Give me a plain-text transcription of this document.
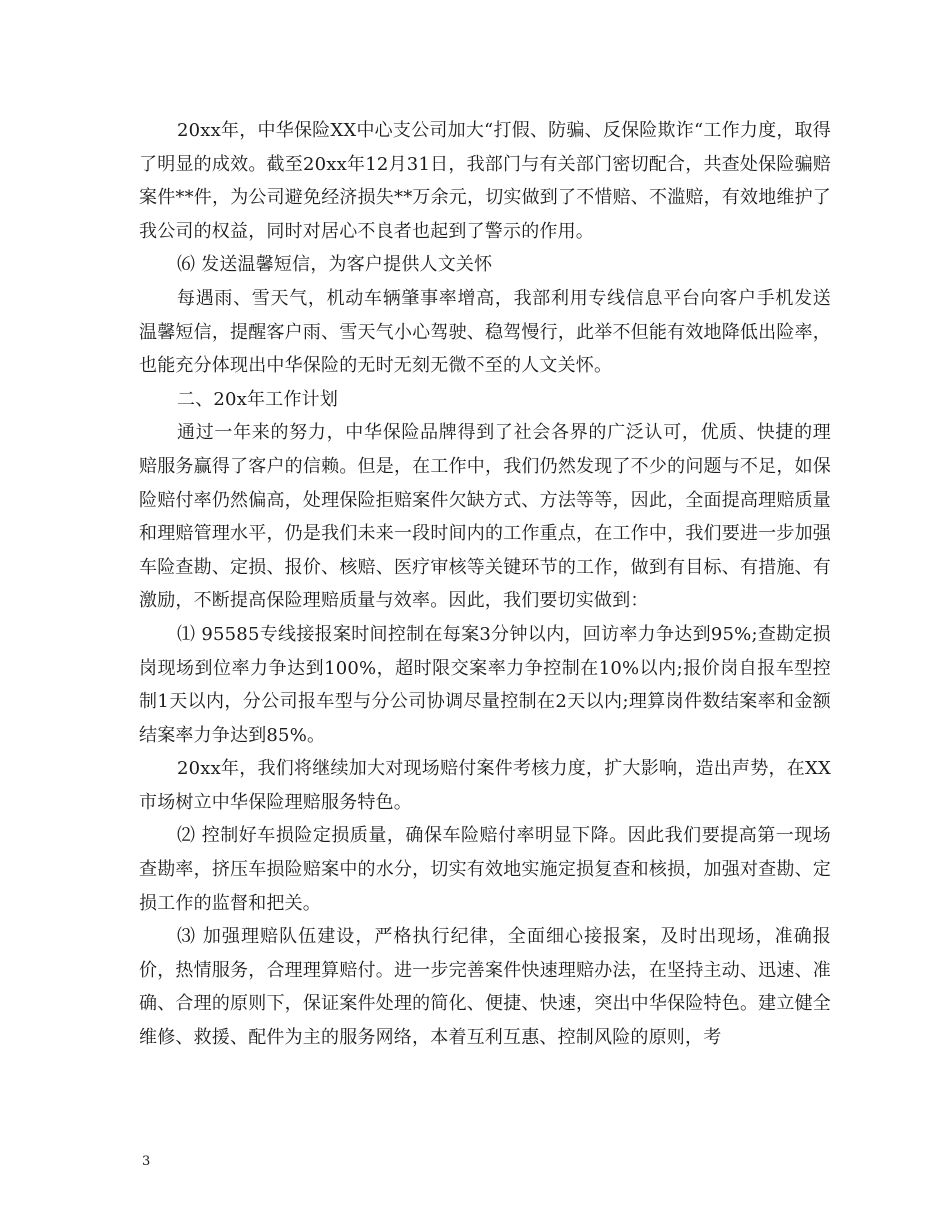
20xx年，中华保险XX中心支公司加大“打假、防骗、反保险欺诈“工作力度，取得了明显的成效。截至20xx年12月31日，我部门与有关部门密切配合，共查处保险骗赔案件**件，为公司避免经济损失**万余元，切实做到了不惜赔、不滥赔，有效地维护了我公司的权益，同时对居心不良者也起到了警示的作用。

⑹ 发送温馨短信，为客户提供人文关怀

每遇雨、雪天气，机动车辆肇事率增高，我部利用专线信息平台向客户手机发送温馨短信，提醒客户雨、雪天气小心驾驶、稳驾慢行，此举不但能有效地降低出险率，也能充分体现出中华保险的无时无刻无微不至的人文关怀。

二、20x年工作计划

通过一年来的努力，中华保险品牌得到了社会各界的广泛认可，优质、快捷的理赔服务赢得了客户的信赖。但是，在工作中，我们仍然发现了不少的问题与不足，如保险赔付率仍然偏高，处理保险拒赔案件欠缺方式、方法等等，因此，全面提高理赔质量和理赔管理水平，仍是我们未来一段时间内的工作重点，在工作中，我们要进一步加强车险查勘、定损、报价、核赔、医疗审核等关键环节的工作，做到有目标、有措施、有激励，不断提高保险理赔质量与效率。因此，我们要切实做到：

⑴ 95585专线接报案时间控制在每案3分钟以内，回访率力争达到95%;查勘定损岗现场到位率力争达到100%，超时限交案率力争控制在10%以内;报价岗自报车型控制1天以内，分公司报车型与分公司协调尽量控制在2天以内;理算岗件数结案率和金额结案率力争达到85%。

20xx年，我们将继续加大对现场赔付案件考核力度，扩大影响，造出声势，在XX市场树立中华保险理赔服务特色。

⑵ 控制好车损险定损质量，确保车险赔付率明显下降。因此我们要提高第一现场查勘率，挤压车损险赔案中的水分，切实有效地实施定损复查和核损，加强对查勘、定损工作的监督和把关。

⑶ 加强理赔队伍建设，严格执行纪律，全面细心接报案，及时出现场，准确报价，热情服务，合理理算赔付。进一步完善案件快速理赔办法，在坚持主动、迅速、准确、合理的原则下，保证案件处理的简化、便捷、快速，突出中华保险特色。建立健全维修、救援、配件为主的服务网络，本着互利互惠、控制风险的原则，考

3
